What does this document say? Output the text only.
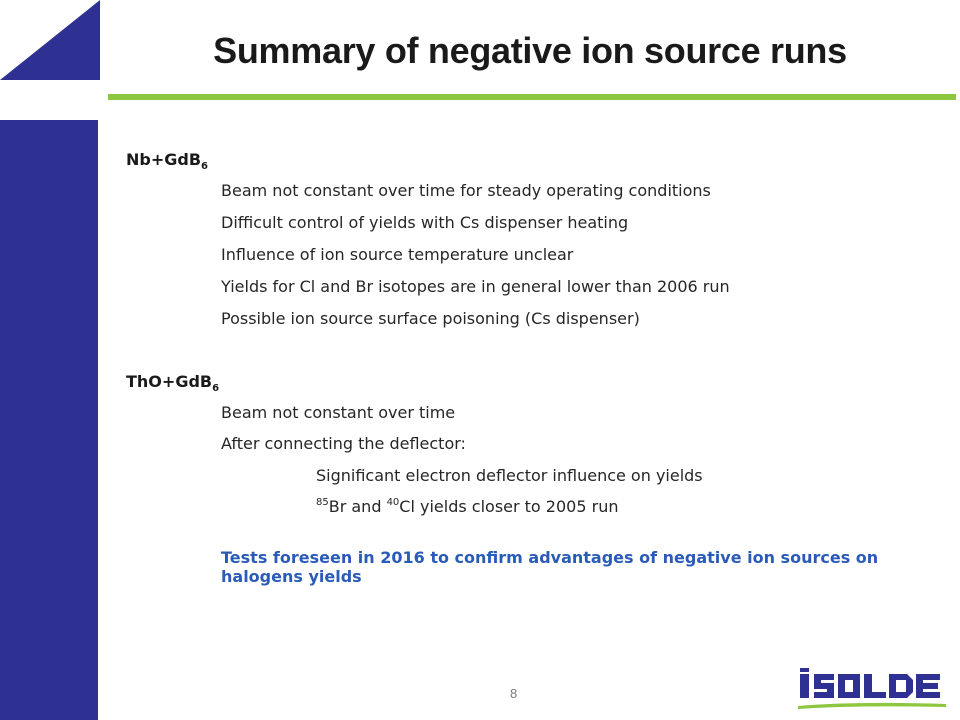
Summary of negative ion source runs
Nb+GdB$_6$
Beam not constant over time for steady operating conditions
Difficult control of yields with Cs dispenser heating
Influence of ion source temperature unclear
Yields for Cl and Br isotopes are in general lower than 2006 run
Possible ion source surface poisoning (Cs dispenser)
ThO+GdB$_6$
Beam not constant over time
After connecting the deflector:
Significant electron deflector influence on yields
$^{85}$Br and $^{40}$Cl yields closer to 2005 run
Tests foreseen in 2016 to confirm advantages of negative ion sources on halogens yields
8
